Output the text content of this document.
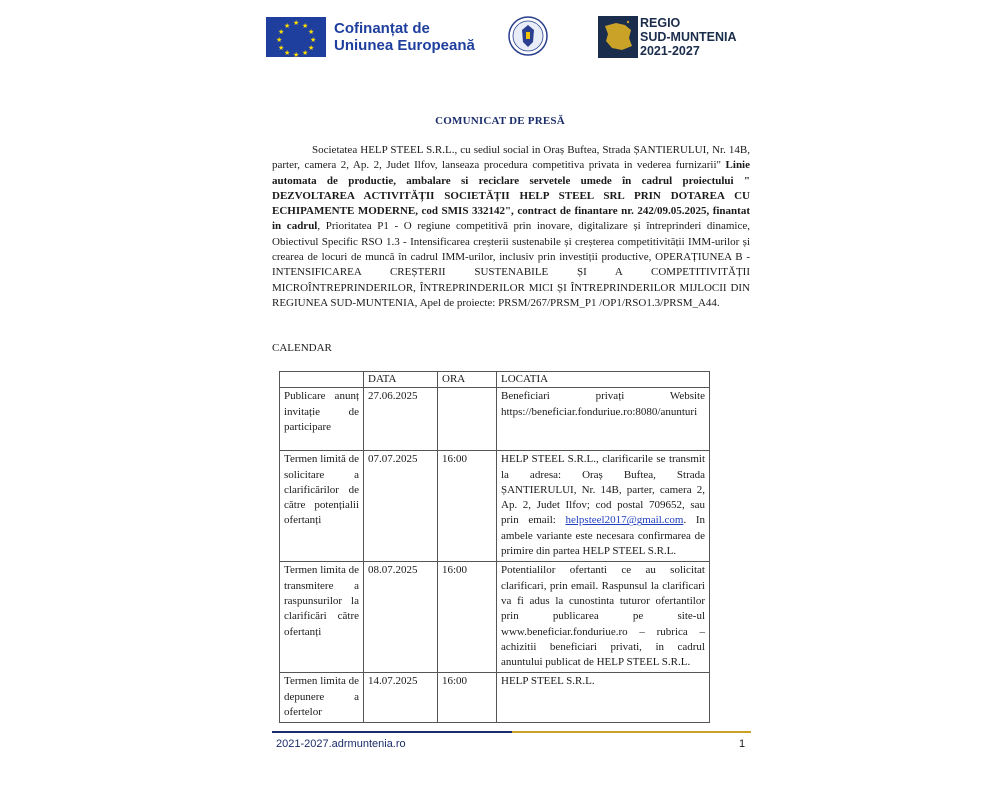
★ ★
★
★
★
★
★
★
★
★
★
★	Cofinanțat de
Uniunea Europeană
REGIO
SUD-MUNTENIA
2021-2027
COMUNICAT DE PRESĂ

Societatea HELP STEEL S.R.L., cu sediul social in Oraș Buftea, Strada ȘANTIERULUI, Nr. 14B, parter, camera 2, Ap. 2, Judet Ilfov, lanseaza procedura competitiva privata in vederea furnizarii" Linie automata de productie, ambalare si reciclare servetele umede în cadrul proiectului " DEZVOLTAREA ACTIVITĂȚII SOCIETĂȚII HELP STEEL SRL PRIN DOTAREA CU ECHIPAMENTE MODERNE, cod SMIS 332142", contract de finantare nr. 242/09.05.2025, finantat in cadrul, Prioritatea P1 - O regiune competitivă prin inovare, digitalizare și întreprinderi dinamice, Obiectivul Specific RSO 1.3 - Intensificarea creșterii sustenabile și creșterea competitivității IMM-urilor și crearea de locuri de muncă în cadrul IMM-urilor, inclusiv prin investiții productive, OPERAȚIUNEA B - INTENSIFICAREA CREȘTERII SUSTENABILE ȘI A COMPETITIVITĂȚII MICROÎNTREPRINDERILOR, ÎNTREPRINDERILOR MICI ȘI ÎNTREPRINDERILOR MIJLOCII DIN REGIUNEA SUD-MUNTENIA, Apel de proiecte: PRSM/267/PRSM_P1 /OP1/RSO1.3/PRSM_A44.

CALENDAR
	DATA	ORA	LOCATIA
Publicare anunț invitație de participare	27.06.2025		Beneficiari privați Website https://beneficiar.fonduriue.ro:8080/anunturi
Termen limită de solicitare a clarificărilor de către potențialii ofertanți	07.07.2025	16:00	HELP STEEL S.R.L., clarificarile se transmit la adresa: Oraș Buftea, Strada ȘANTIERULUI, Nr. 14B, parter, camera 2, Ap. 2, Judet Ilfov; cod postal 709652, sau prin email: helpsteel2017@gmail.com. In ambele variante este necesara confirmarea de primire din partea HELP STEEL S.R.L.
Termen limita de transmitere a raspunsurilor la clarificări către ofertanți	08.07.2025	16:00	Potentialilor ofertanti ce au solicitat clarificari, prin email. Raspunsul la clarificari va fi adus la cunostinta tuturor ofertantilor prin publicarea pe site-ul www.beneficiar.fonduriue.ro – rubrica – achizitii beneficiari privati, in cadrul anuntului publicat de HELP STEEL S.R.L.
Termen limita de depunere a ofertelor	14.07.2025	16:00	HELP STEEL S.R.L.
2021-2027.adrmuntenia.ro	1
